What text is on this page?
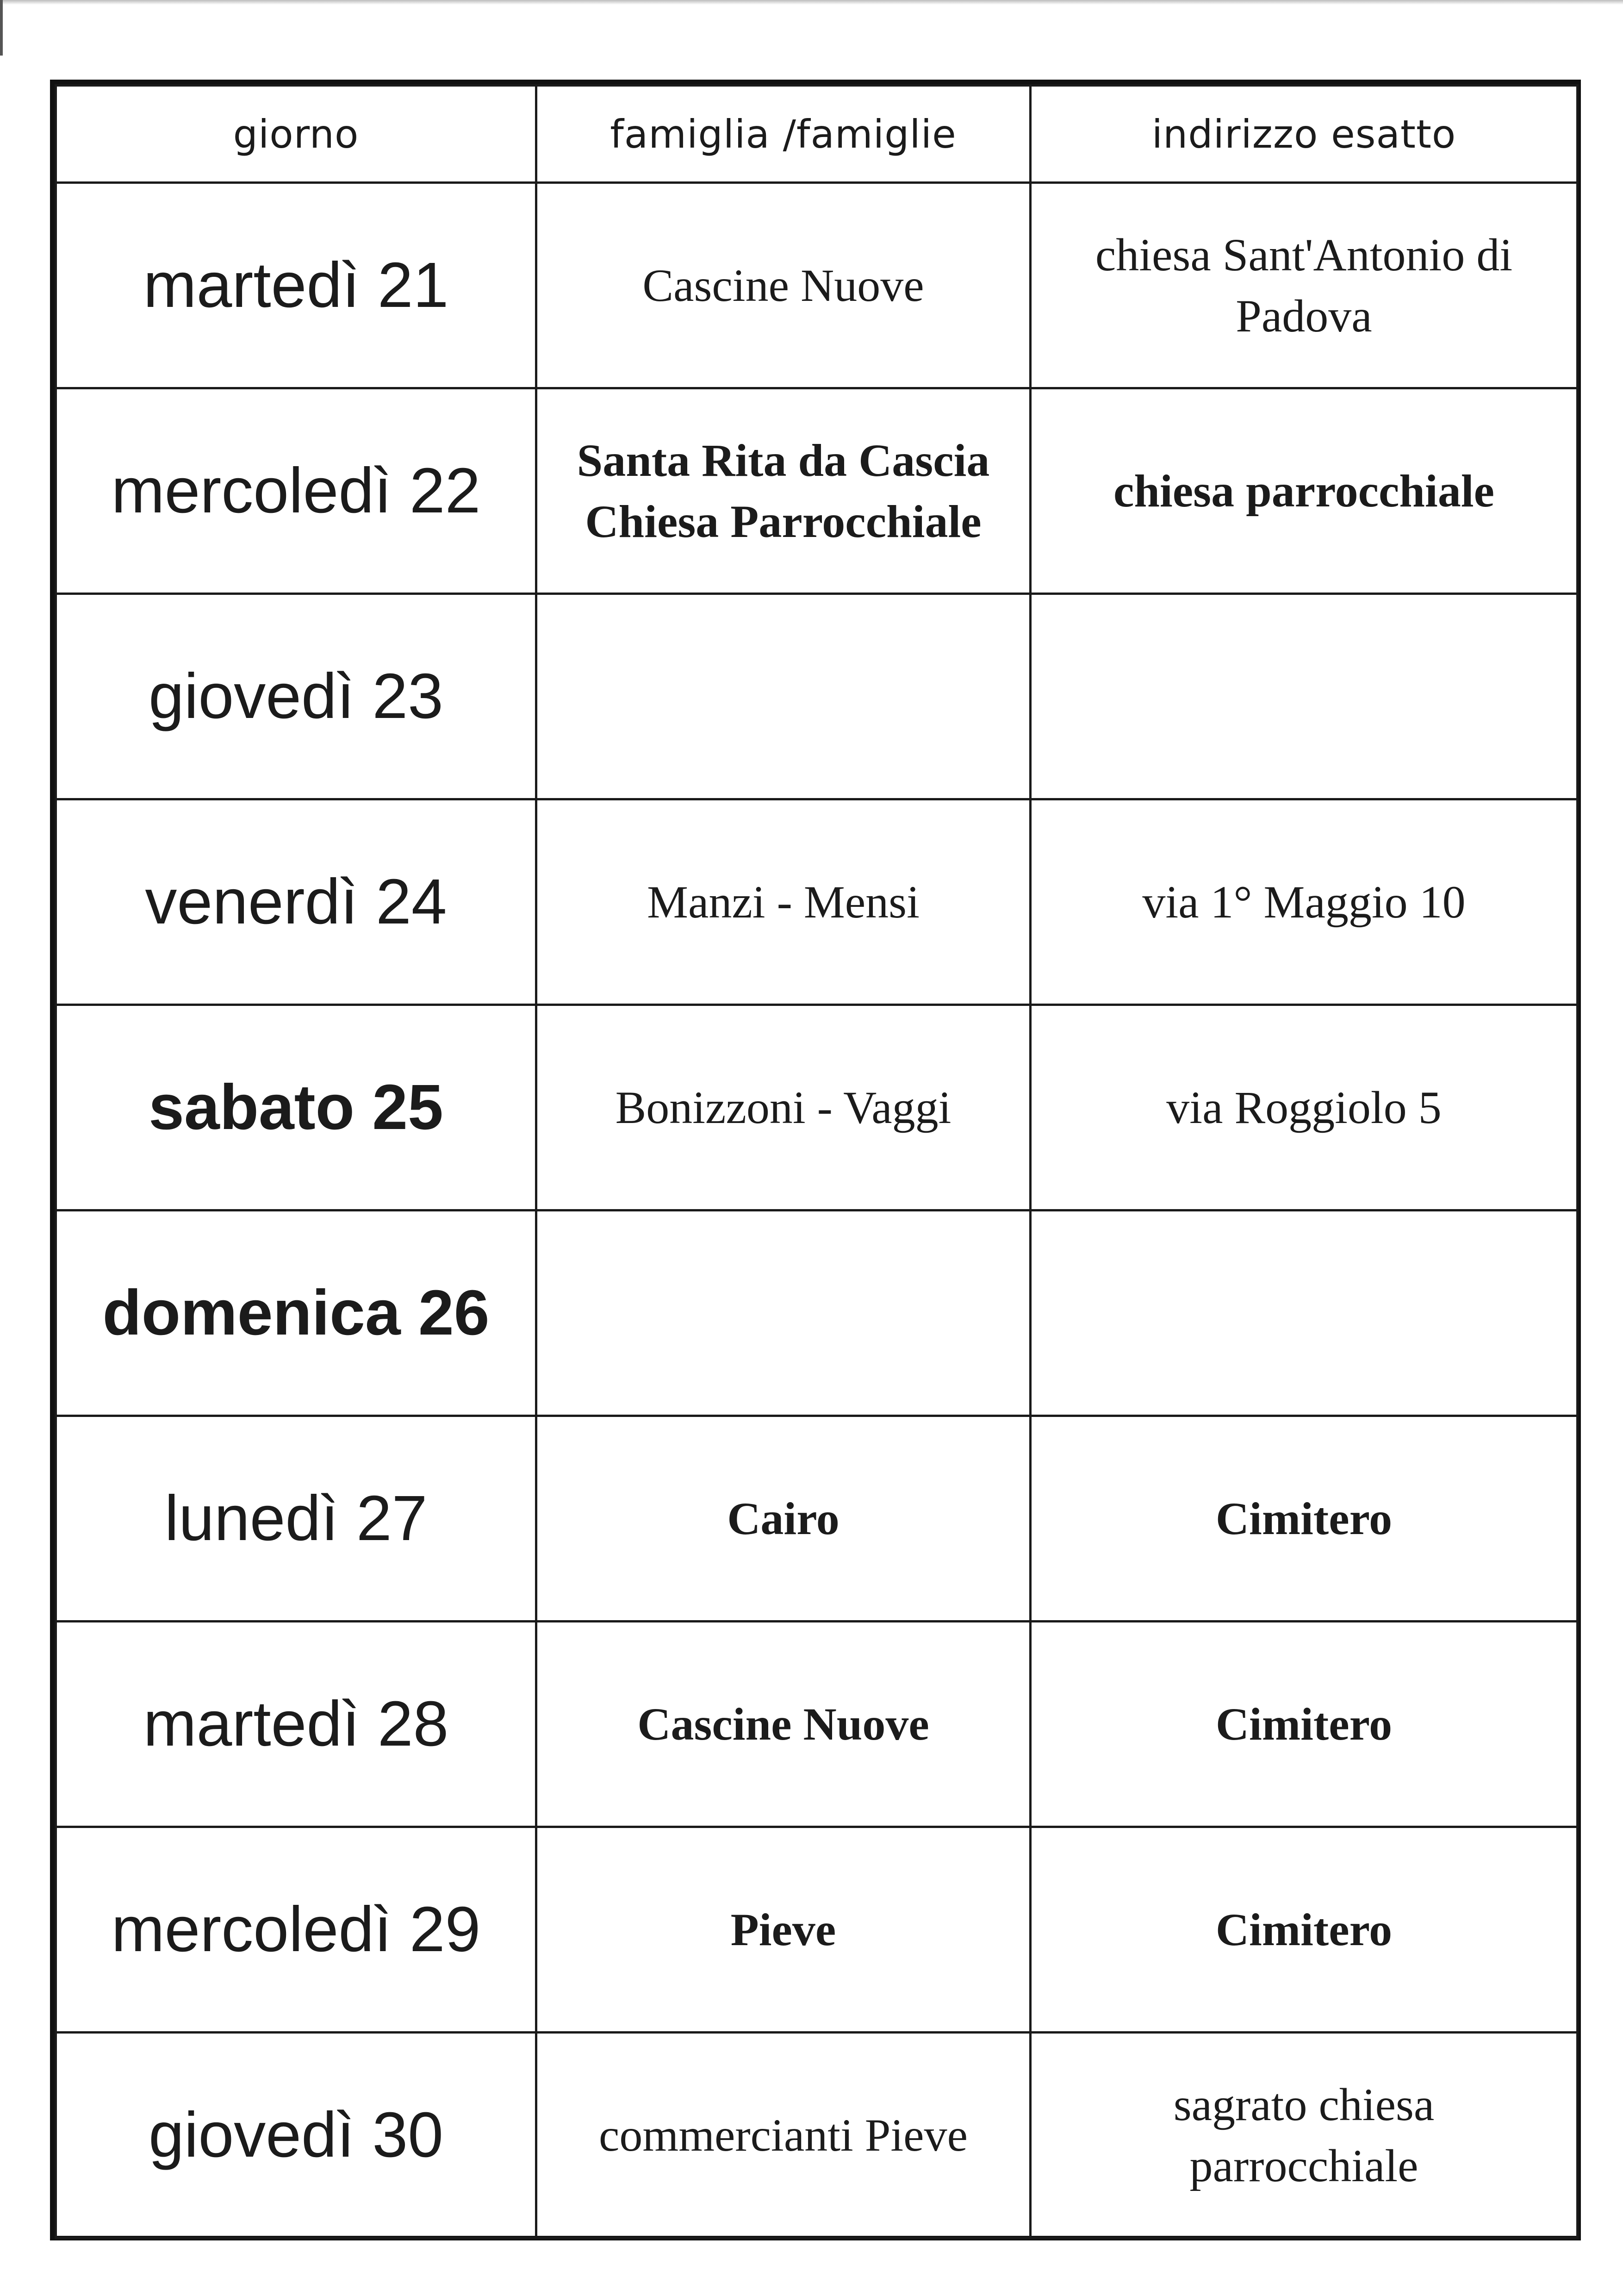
giorno	famiglia /famiglie	indirizzo esatto
martedì 21	Cascine Nuove	chiesa Sant'Antonio di Padova
mercoledì 22	Santa Rita da Cascia Chiesa Parrocchiale	chiesa parrocchiale
giovedì 23		
venerdì 24	Manzi - Mensi	via 1° Maggio 10
sabato 25	Bonizzoni - Vaggi	via Roggiolo 5
domenica 26		
lunedì 27	Cairo	Cimitero
martedì 28	Cascine Nuove	Cimitero
mercoledì 29	Pieve	Cimitero
giovedì 30	commercianti Pieve	sagrato chiesa parrocchiale
